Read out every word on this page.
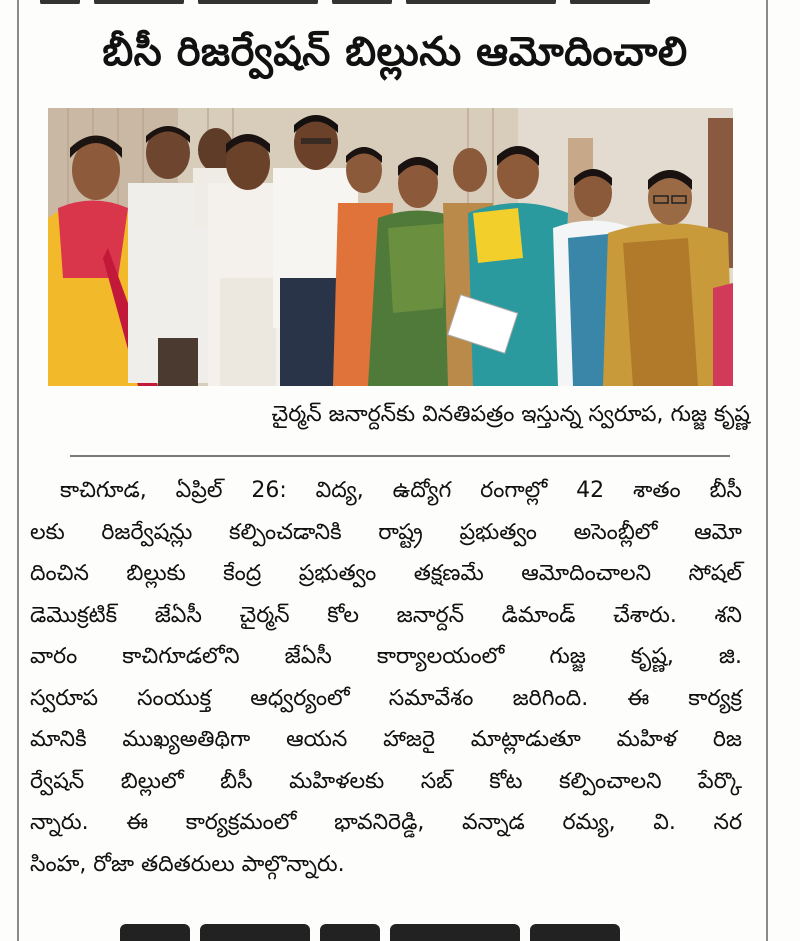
బీసీ రిజర్వేషన్ బిల్లును ఆమోదించాలి
చైర్మన్ జనార్దన్‌కు వినతిపత్రం ఇస్తున్న స్వరూప, గుజ్జ కృష్ణ
కాచిగూడ, ఏప్రిల్ 26: విద్య, ఉద్యోగ రంగాల్లో 42 శాతం బీసీ
లకు రిజర్వేషన్లు కల్పించడానికి రాష్ట్ర ప్రభుత్వం అసెంబ్లీలో ఆమో
దించిన బిల్లుకు కేంద్ర ప్రభుత్వం తక్షణమే ఆమోదించాలని సోషల్
డెమొక్రటిక్ జేఏసీ చైర్మన్ కోల జనార్దన్ డిమాండ్ చేశారు. శని
వారం కాచిగూడలోని జేఏసీ కార్యాలయంలో గుజ్జ కృష్ణ, జి.
స్వరూప సంయుక్త ఆధ్వర్యంలో సమావేశం జరిగింది. ఈ కార్యక్ర
మానికి ముఖ్యఅతిథిగా ఆయన హాజరై మాట్లాడుతూ మహిళ రిజ
ర్వేషన్ బిల్లులో బీసీ మహిళలకు సబ్ కోట కల్పించాలని పేర్కొ
న్నారు. ఈ కార్యక్రమంలో భావనిరెడ్డి, వన్నాడ రమ్య, వి. నర
సింహ, రోజా తదితరులు పాల్గొన్నారు.
